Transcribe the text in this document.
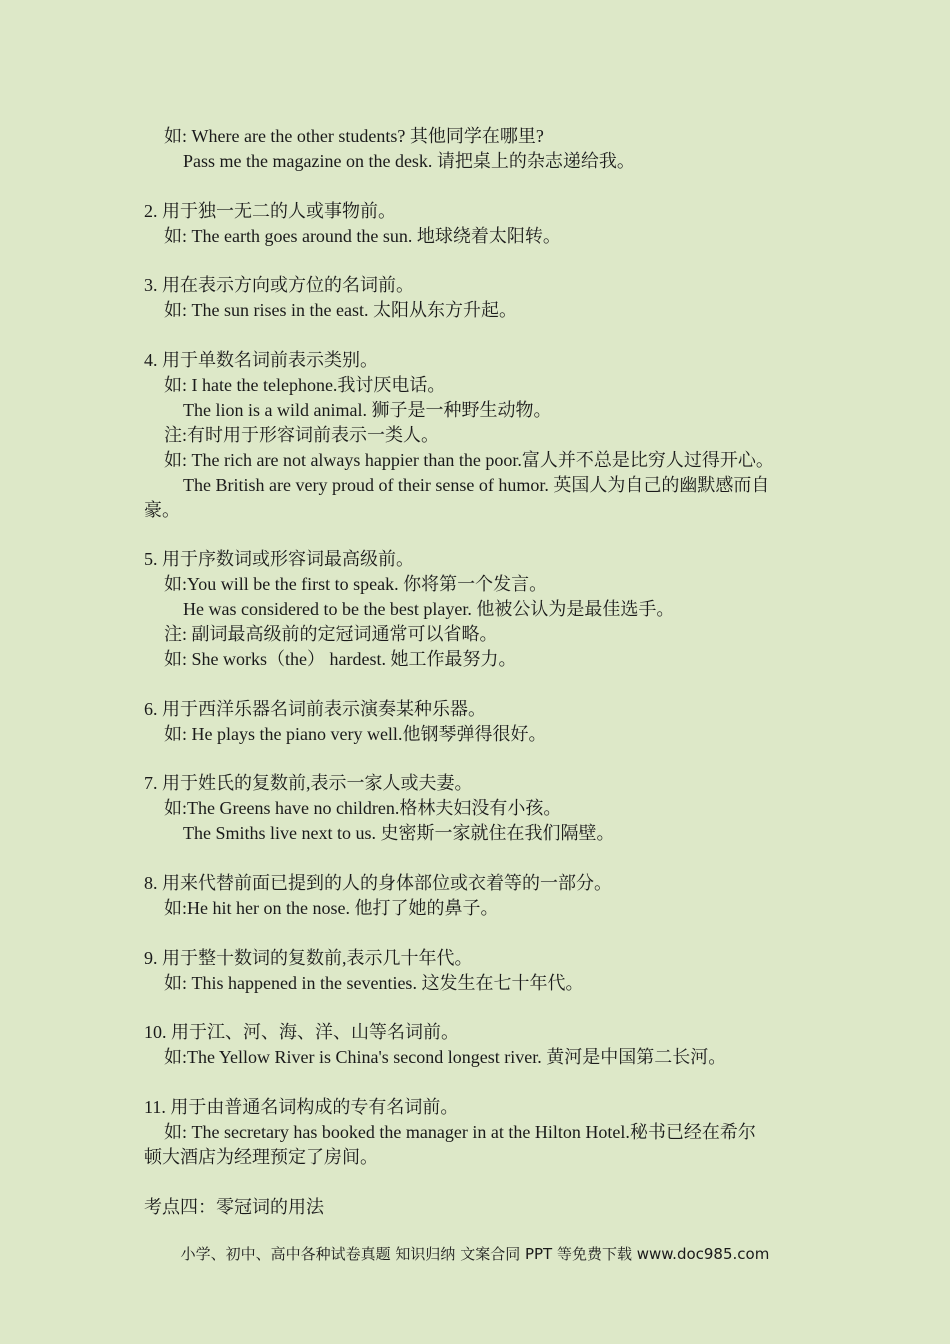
如: Where are the other students? 其他同学在哪里?
Pass me the magazine on the desk. 请把桌上的杂志递给我。
2. 用于独一无二的人或事物前。
如: The earth goes around the sun. 地球绕着太阳转。
3. 用在表示方向或方位的名词前。
如: The sun rises in the east. 太阳从东方升起。
4. 用于单数名词前表示类别。
如: I hate the telephone.我讨厌电话。
The lion is a wild animal. 狮子是一种野生动物。
注:有时用于形容词前表示一类人。
如: The rich are not always happier than the poor.富人并不总是比穷人过得开心。
The British are very proud of their sense of humor. 英国人为自己的幽默感而自
豪。
5. 用于序数词或形容词最高级前。
如:You will be the first to speak. 你将第一个发言。
He was considered to be the best player. 他被公认为是最佳选手。
注: 副词最高级前的定冠词通常可以省略。
如: She works（the） hardest. 她工作最努力。
6. 用于西洋乐器名词前表示演奏某种乐器。
如: He plays the piano very well.他钢琴弹得很好。
7. 用于姓氏的复数前,表示一家人或夫妻。
如:The Greens have no children.格林夫妇没有小孩。
The Smiths live next to us. 史密斯一家就住在我们隔壁。
8. 用来代替前面已提到的人的身体部位或衣着等的一部分。
如:He hit her on the nose. 他打了她的鼻子。
9. 用于整十数词的复数前,表示几十年代。
如: This happened in the seventies. 这发生在七十年代。
10. 用于江、河、海、洋、山等名词前。
如:The Yellow River is China's second longest river. 黄河是中国第二长河。
11. 用于由普通名词构成的专有名词前。
如: The secretary has booked the manager in at the Hilton Hotel.秘书已经在希尔
顿大酒店为经理预定了房间。
考点四：零冠词的用法
小学、初中、高中各种试卷真题 知识归纳 文案合同 PPT 等免费下载 www.doc985.com
